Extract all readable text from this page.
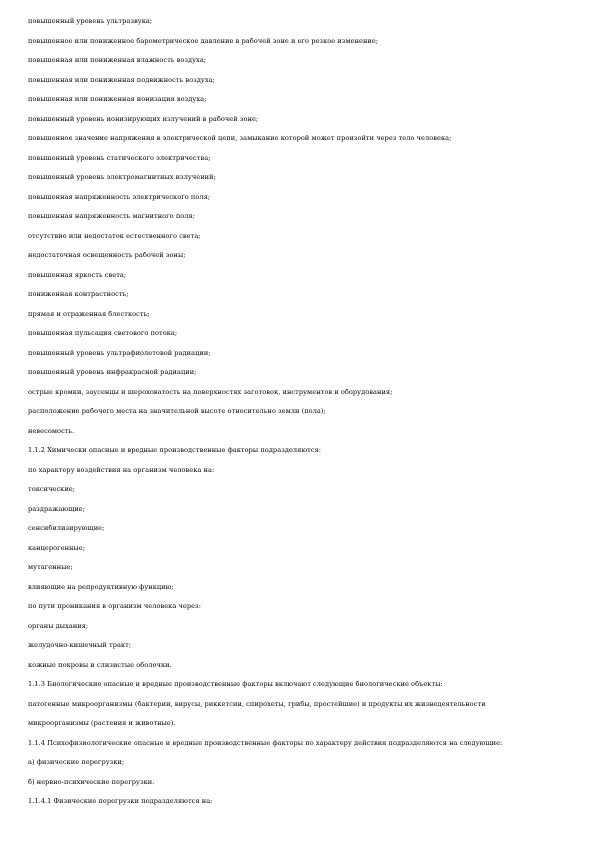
повышенный уровень ультразвука;
повышенное или пониженное барометрическое давление в рабочей зоне и его резкое изменение;
повышенная или пониженная влажность воздуха;
повышенная или пониженная подвижность воздуха;
повышенная или пониженная ионизация воздуха;
повышенный уровень ионизирующих излучений в рабочей зоне;
повышенное значение напряжения в электрической цепи, замыкание которой может произойти через тело человека;
повышенный уровень статического электричества;
повышенный уровень электромагнитных излучений;
повышенная напряженность электрического поля;
повышенная напряженность магнитного поля;
отсутствие или недостаток естественного света;
недостаточная освещенность рабочей зоны;
повышенная яркость света;
пониженная контрастность;
прямая и отраженная блесткость;
повышенная пульсация светового потока;
повышенный уровень ультрафиолетовой радиации;
повышенный уровень инфракрасной радиации;
острые кромки, заусенцы и шероховатость на поверхностях заготовок, инструментов и оборудования;
расположение рабочего места на значительной высоте относительно земли (пола);
невесомость.
1.1.2 Химически опасные и вредные производственные факторы подразделяются:
по характеру воздействия на организм человека на:
токсические;
раздражающие;
сенсибилизирующие;
канцерогенные;
мутагенные;
влияющие на репродуктивную функцию;
по пути проникания в организм человека через:
органы дыхания;
желудочно-кишечный тракт;
кожные покровы и слизистые оболочки.
1.1.3 Биологические опасные и вредные производственные факторы включают следующие биологические объекты:
патогенные микроорганизмы (бактерии, вирусы, риккетсии, спирохеты, грибы, простейшие) и продукты их жизнедеятельности
микроорганизмы (растения и животные).
1.1.4 Психофизиологические опасные и вредные производственные факторы по характеру действия подразделяются на следующие:
а) физические перегрузки;
б) нервно-психические перегрузки.
1.1.4.1 Физические перегрузки подразделяются на:
